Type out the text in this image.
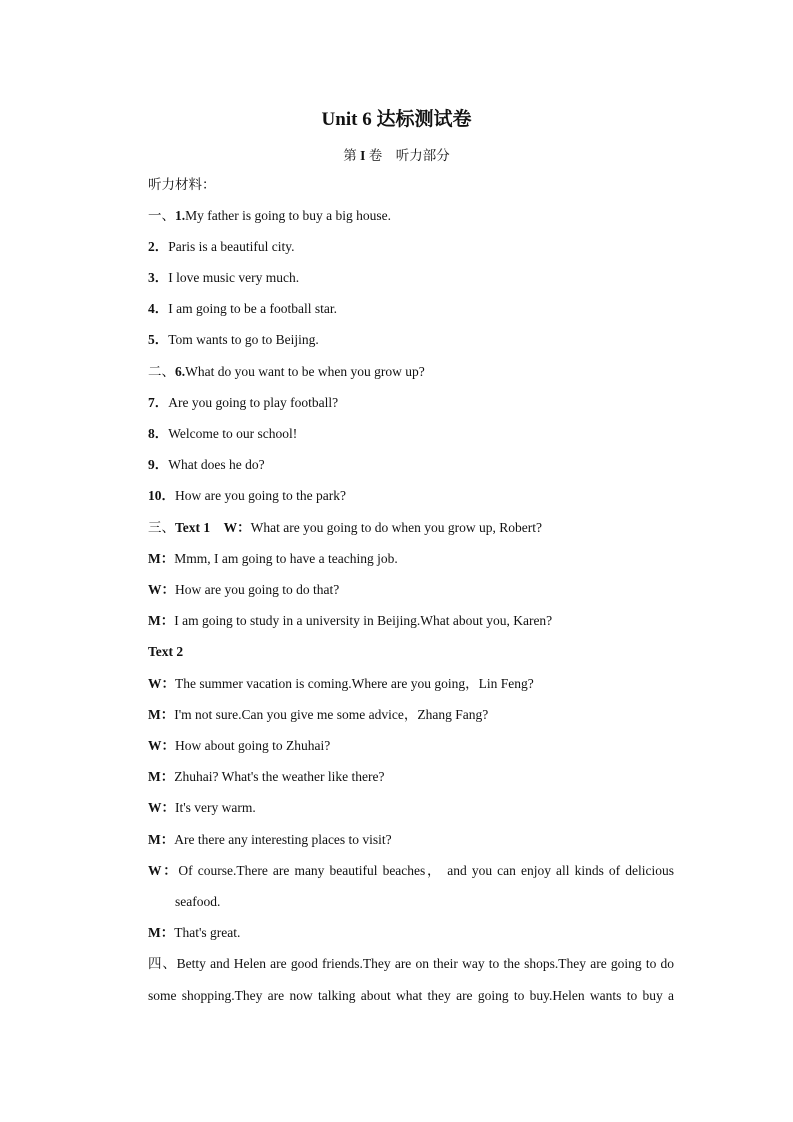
Unit 6 达标测试卷
第 I 卷　听力部分
听力材料：
一、1.My father is going to buy a big house.
2．Paris is a beautiful city.
3．I love music very much.
4．I am going to be a football star.
5．Tom wants to go to Beijing.
二、6.What do you want to be when you grow up?
7．Are you going to play football?
8．Welcome to our school!
9．What does he do?
10．How are you going to the park?
三、Text 1 W：What are you going to do when you grow up, Robert?
M：Mmm, I am going to have a teaching job.
W：How are you going to do that?
M：I am going to study in a university in Beijing.What about you, Karen?
Text 2
W：The summer vacation is coming.Where are you going，Lin Feng?
M：I'm not sure.Can you give me some advice，Zhang Fang?
W：How about going to Zhuhai?
M：Zhuhai? What's the weather like there?
W：It's very warm.
M：Are there any interesting places to visit?
W：Of course.There are many beautiful beaches， and you can enjoy all kinds of delicious
seafood.
M：That's great.
四、Betty and Helen are good friends.They are on their way to the shops.They are going to do
some shopping.They are now talking about what they are going to buy.Helen wants to buy a
